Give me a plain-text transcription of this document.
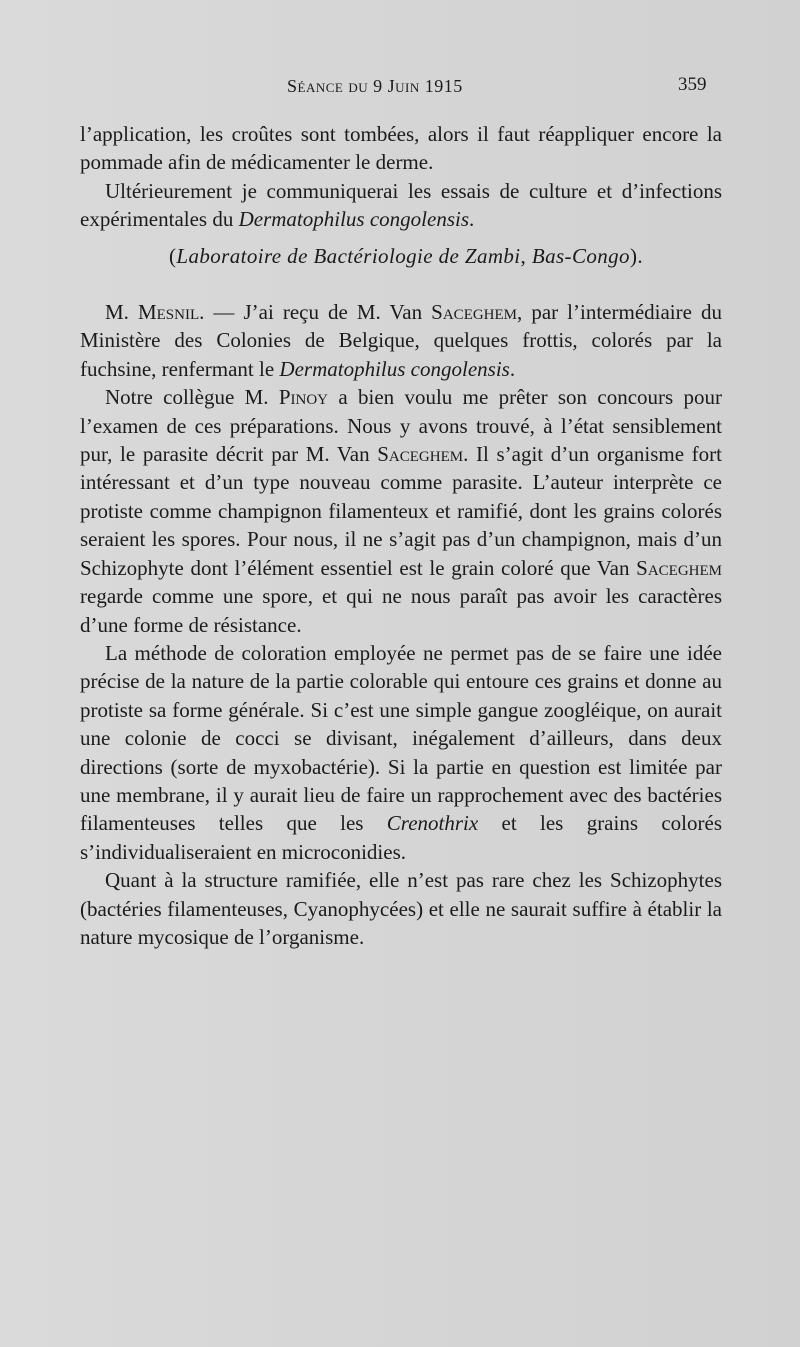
Séance du 9 Juin 1915	359

l’application, les croûtes sont tombées, alors il faut réappliquer encore la pommade afin de médicamenter le derme.

Ultérieurement je communiquerai les essais de culture et d’infections expérimentales du Dermatophilus congolensis.

(Laboratoire de Bactériologie de Zambi, Bas-Congo).

M. Mesnil. — J’ai reçu de M. Van Saceghem, par l’intermédiaire du Ministère des Colonies de Belgique, quelques frottis, colorés par la fuchsine, renfermant le Dermatophilus congolensis.

Notre collègue M. Pinoy a bien voulu me prêter son concours pour l’examen de ces préparations. Nous y avons trouvé, à l’état sensiblement pur, le parasite décrit par M. Van Saceghem. Il s’agit d’un organisme fort intéressant et d’un type nouveau comme parasite. L’auteur interprète ce protiste comme champignon filamenteux et ramifié, dont les grains colorés seraient les spores. Pour nous, il ne s’agit pas d’un champignon, mais d’un Schizophyte dont l’élément essentiel est le grain coloré que Van Saceghem regarde comme une spore, et qui ne nous paraît pas avoir les caractères d’une forme de résistance.

La méthode de coloration employée ne permet pas de se faire une idée précise de la nature de la partie colorable qui entoure ces grains et donne au protiste sa forme générale. Si c’est une simple gangue zoogléique, on aurait une colonie de cocci se divisant, inégalement d’ailleurs, dans deux directions (sorte de myxobactérie). Si la partie en question est limitée par une membrane, il y aurait lieu de faire un rapprochement avec des bactéries filamenteuses telles que les Crenothrix et les grains colorés s’individualiseraient en microconidies.

Quant à la structure ramifiée, elle n’est pas rare chez les Schizophytes (bactéries filamenteuses, Cyanophycées) et elle ne saurait suffire à établir la nature mycosique de l’organisme.
